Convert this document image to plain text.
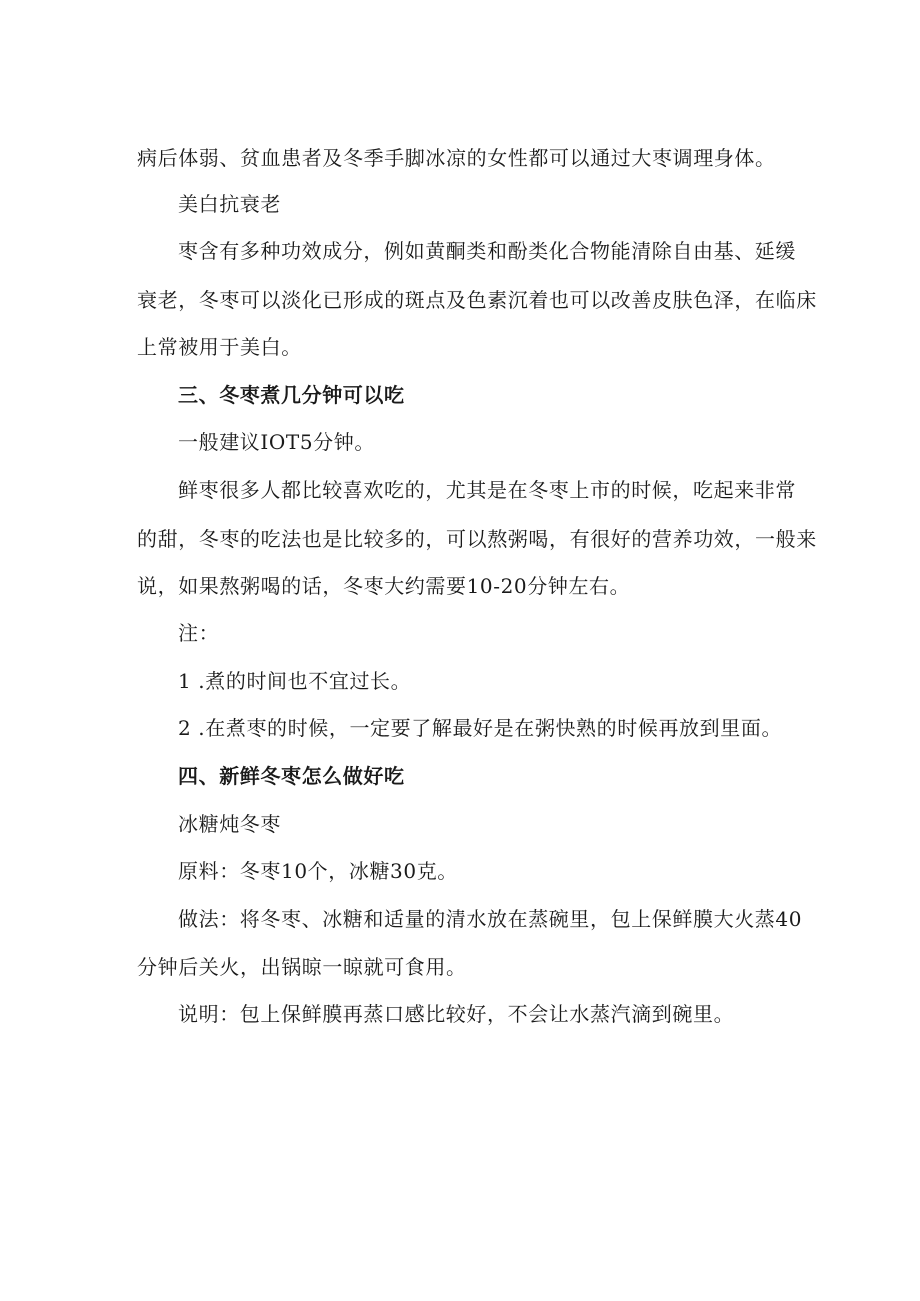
病后体弱、贫血患者及冬季手脚冰凉的女性都可以通过大枣调理身体。
美白抗衰老
枣含有多种功效成分，例如黄酮类和酚类化合物能清除自由基、延缓
衰老，冬枣可以淡化已形成的斑点及色素沉着也可以改善皮肤色泽，在临床
上常被用于美白。
三、冬枣煮几分钟可以吃
一般建议IOT5分钟。
鲜枣很多人都比较喜欢吃的，尤其是在冬枣上市的时候，吃起来非常
的甜，冬枣的吃法也是比较多的，可以熬粥喝，有很好的营养功效，一般来
说，如果熬粥喝的话，冬枣大约需要10-20分钟左右。
注：
1 .煮的时间也不宜过长。
2 .在煮枣的时候，一定要了解最好是在粥快熟的时候再放到里面。
四、新鲜冬枣怎么做好吃
冰糖炖冬枣
原料：冬枣10个，冰糖30克。
做法：将冬枣、冰糖和适量的清水放在蒸碗里，包上保鲜膜大火蒸40
分钟后关火，出锅晾一晾就可食用。
说明：包上保鲜膜再蒸口感比较好，不会让水蒸汽滴到碗里。
